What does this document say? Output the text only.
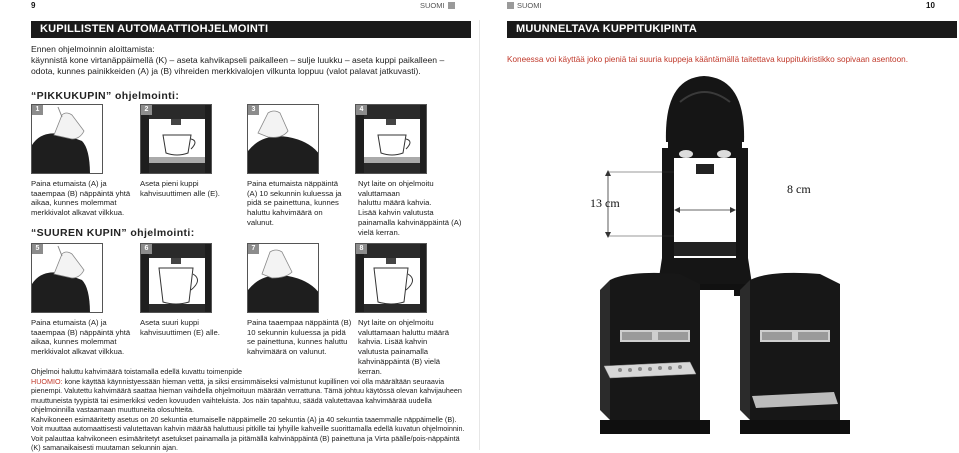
9	SUOMI	SUOMI	10
KUPILLISTEN AUTOMAATTIOHJELMOINTI
Ennen ohjelmoinnin aloittamista:
käynnistä kone virtanäppäimellä (K) – aseta kahvikapseli paikalleen – sulje luukku – aseta kuppi paikalleen –
odota, kunnes painikkeiden (A) ja (B) vihreiden merkkivalojen vilkunta loppuu (valot palavat jatkuvasti).
“PIKKUKUPIN” ohjelmointi:
1	2	3	4
Paina etumaista (A) ja
taaempaa (B) näppäintä yhtä
aikaa, kunnes molemmat
merkkivalot alkavat vilkkua.
Aseta pieni kuppi
kahvisuuttimen alle (E).
Paina etumaista näppäintä
(A) 10 sekunnin kuluessa ja
pidä se painettuna, kunnes
haluttu kahvimäärä on
valunut.
Nyt laite on ohjelmoitu
valuttamaan
haluttu määrä kahvia.
Lisää kahvin valutusta
painamalla kahvinäppäintä (A)
vielä kerran.
“SUUREN KUPIN” ohjelmointi:
5	6	7	8
Paina etumaista (A) ja
taaempaa (B) näppäintä yhtä
aikaa, kunnes molemmat
merkkivalot alkavat vilkkua.
Aseta suuri kuppi
kahvisuuttimen (E) alle.
Paina taaempaa näppäintä (B)
10 sekunnin kuluessa ja pidä
se painettuna, kunnes haluttu
kahvimäärä on valunut.
Nyt laite on ohjelmoitu
valuttamaan haluttu määrä
kahvia. Lisää kahvin
valutusta painamalla
kahvinäppäintä (B) vielä
kerran.
Ohjelmoi haluttu kahvimäärä toistamalla edellä kuvattu toimenpide
HUOMIO: kone käyttää käynnistyessään hieman vettä, ja siksi ensimmäiseksi valmistunut kupillinen voi olla määrältään seuraavia pienempi. Valutettu kahvimäärä saattaa hieman vaihdella ohjelmoituun määrään verrattuna. Tämä johtuu käytössä olevan kahvijauheen muuttuneista tyypistä tai esimerkiksi veden kovuuden vaihteluista. Jos näin tapahtuu, säädä valutettavaa kahvimäärää uudella ohjelmoinnilla vastaamaan muuttuneita olosuhteita.
Kahvikoneen esimääritetty asetus on 20 sekuntia etumaiselle näppäimelle 20 sekuntia (A) ja 40 sekuntia taaemmalle näppäimelle (B).
Voit muuttaa automaattisesti valutettavan kahvin määrää haluttuusi pitkille tai lyhyille kahveille suorittamalla edellä kuvatun ohjelmoinnin.
Voit palauttaa kahvikoneen esimääritetyt asetukset painamalla ja pitämällä kahvinäppäintä (B) painettuna ja Virta päälle/pois-näppäintä (K) samanaikaisesti muutaman sekunnin ajan.
MUUNNELTAVA KUPPITUKIPINTA
Koneessa voi käyttää joko pieniä tai suuria kuppeja kääntämällä taitettava kuppitukiristikko sopivaan asentoon.
13 cm
8 cm
